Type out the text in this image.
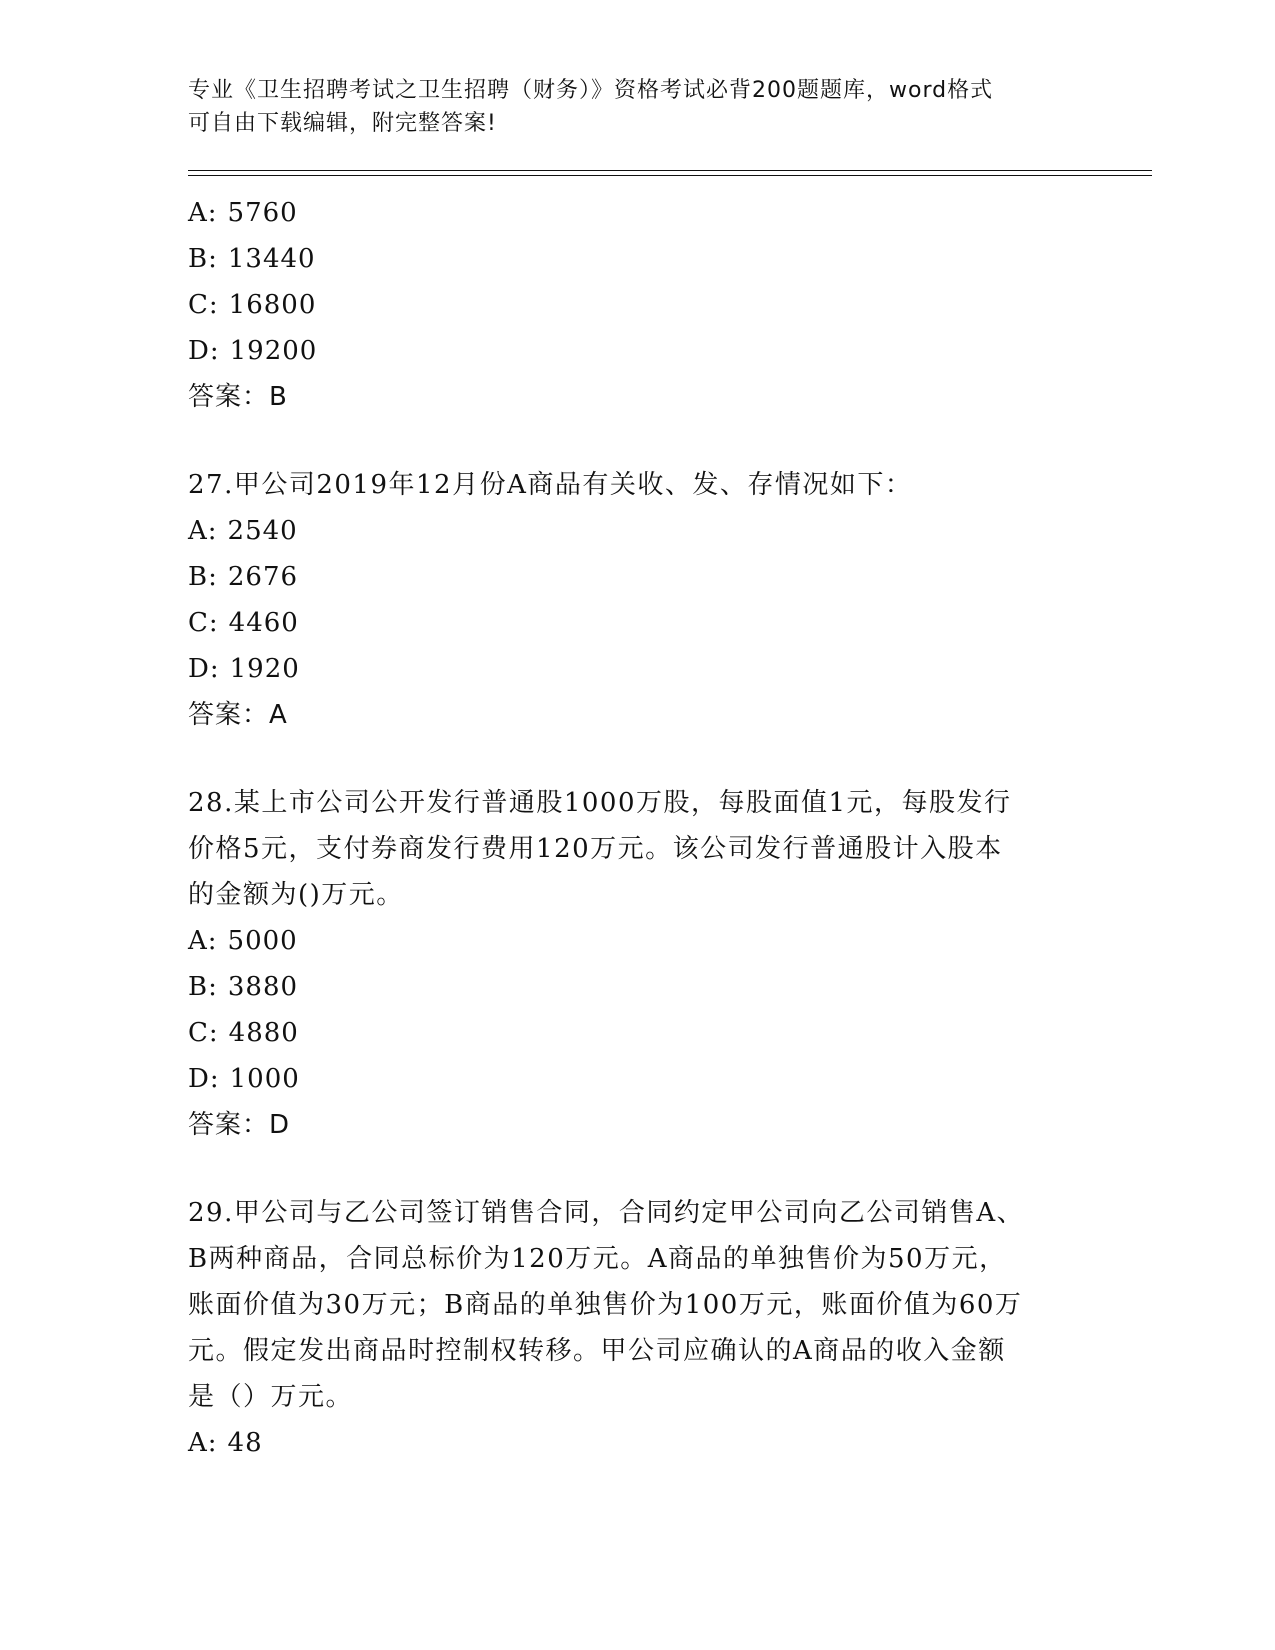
专业《卫生招聘考试之卫生招聘（财务）》资格考试必背200题题库，word格式
可自由下载编辑，附完整答案!
A: 5760
B: 13440
C: 16800
D: 19200
答案：B
27.甲公司2019年12月份A商品有关收、发、存情况如下：
A: 2540
B: 2676
C: 4460
D: 1920
答案：A
28.某上市公司公开发行普通股1000万股，每股面值1元，每股发行
价格5元，支付券商发行费用120万元。该公司发行普通股计入股本
的金额为()万元。
A: 5000
B: 3880
C: 4880
D: 1000
答案：D
29.甲公司与乙公司签订销售合同，合同约定甲公司向乙公司销售A、
B两种商品，合同总标价为120万元。A商品的单独售价为50万元，
账面价值为30万元；B商品的单独售价为100万元，账面价值为60万
元。假定发出商品时控制权转移。甲公司应确认的A商品的收入金额
是（）万元。
A: 48
